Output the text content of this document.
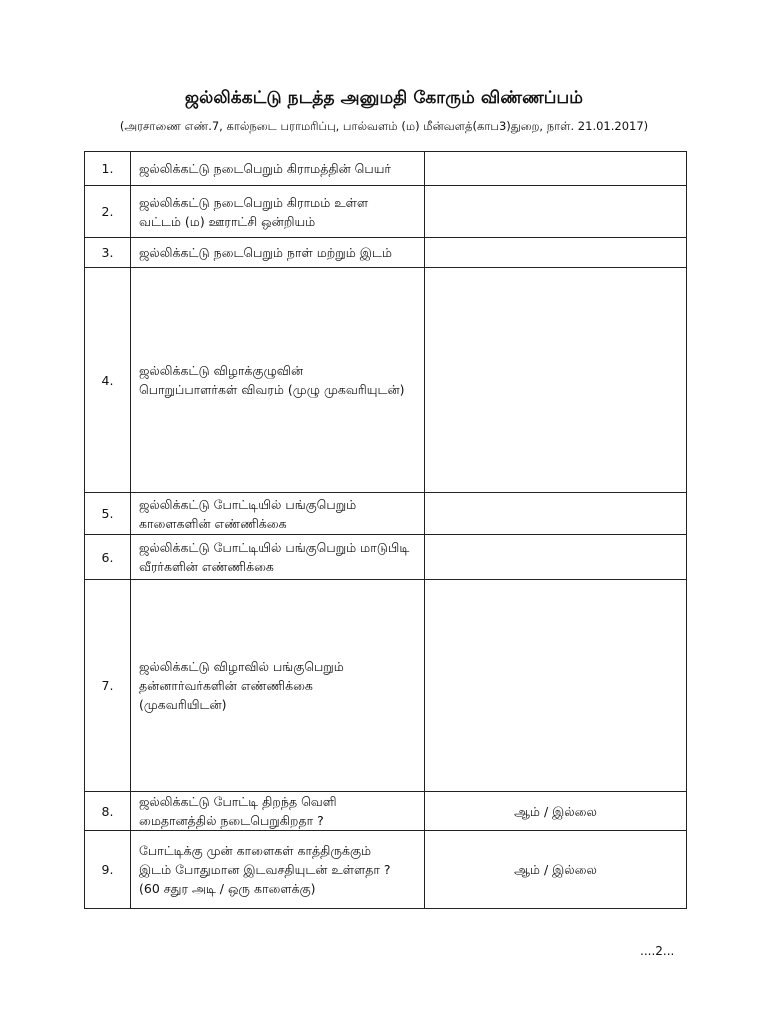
ஜல்லிக்கட்டு நடத்த அனுமதி கோரும் விண்ணப்பம்
(அரசாணை எண்.7, கால்நடை பராமரிப்பு, பால்வளம் (ம) மீன்வளத்(காப3)துறை, நாள். 21.01.2017)
1.	ஜல்லிக்கட்டு நடைபெறும் கிராமத்தின் பெயர்	
2.	ஜல்லிக்கட்டு நடைபெறும் கிராமம் உள்ள
வட்டம் (ம) ஊராட்சி ஒன்றியம்	
3.	ஜல்லிக்கட்டு நடைபெறும் நாள் மற்றும் இடம்	
4.	ஜல்லிக்கட்டு விழாக்குழுவின்
பொறுப்பாளர்கள் விவரம் (முழு முகவரியுடன்)	
5.	ஜல்லிக்கட்டு போட்டியில் பங்குபெறும்
காளைகளின் எண்ணிக்கை	
6.	ஜல்லிக்கட்டு போட்டியில் பங்குபெறும் மாடுபிடி
வீரர்களின் எண்ணிக்கை	
7.	ஜல்லிக்கட்டு விழாவில் பங்குபெறும்
தன்னார்வர்களின் எண்ணிக்கை
(முகவரியிடன்)	
8.	ஜல்லிக்கட்டு போட்டி திறந்த வெளி
மைதானத்தில் நடைபெறுகிறதா ?	ஆம் / இல்லை
9.	போட்டிக்கு முன் காளைகள் காத்திருக்கும்
இடம் போதுமான இடவசதியுடன் உள்ளதா ?
(60 சதுர அடி / ஒரு காளைக்கு)	ஆம் / இல்லை
....2...
